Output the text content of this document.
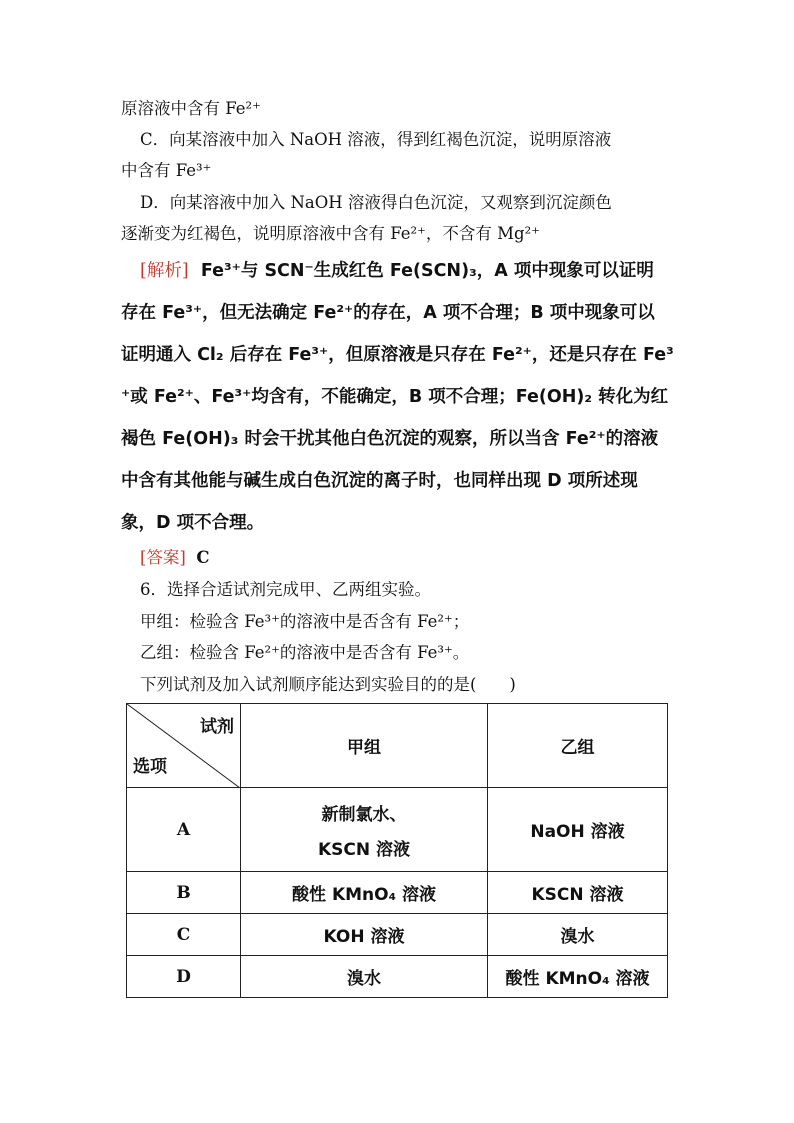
原溶液中含有 Fe²⁺
C．向某溶液中加入 NaOH 溶液，得到红褐色沉淀，说明原溶液
中含有 Fe³⁺
D．向某溶液中加入 NaOH 溶液得白色沉淀，又观察到沉淀颜色
逐渐变为红褐色，说明原溶液中含有 Fe²⁺，不含有 Mg²⁺
[解析] Fe³⁺与 SCN⁻生成红色 Fe(SCN)₃，A 项中现象可以证明
存在 Fe³⁺，但无法确定 Fe²⁺的存在，A 项不合理；B 项中现象可以
证明通入 Cl₂ 后存在 Fe³⁺，但原溶液是只存在 Fe²⁺，还是只存在 Fe³
⁺或 Fe²⁺、Fe³⁺均含有，不能确定，B 项不合理；Fe(OH)₂ 转化为红
褐色 Fe(OH)₃ 时会干扰其他白色沉淀的观察，所以当含 Fe²⁺的溶液
中含有其他能与碱生成白色沉淀的离子时，也同样出现 D 项所述现
象，D 项不合理。
[答案] C
6．选择合适试剂完成甲、乙两组实验。
甲组：检验含 Fe³⁺的溶液中是否含有 Fe²⁺；
乙组：检验含 Fe²⁺的溶液中是否含有 Fe³⁺。
下列试剂及加入试剂顺序能达到实验目的的是(　　)
试剂
选项	甲组	乙组
A	新制氯水、
KSCN 溶液	NaOH 溶液
B	酸性 KMnO₄ 溶液	KSCN 溶液
C	KOH 溶液	溴水
D	溴水	酸性 KMnO₄ 溶液
